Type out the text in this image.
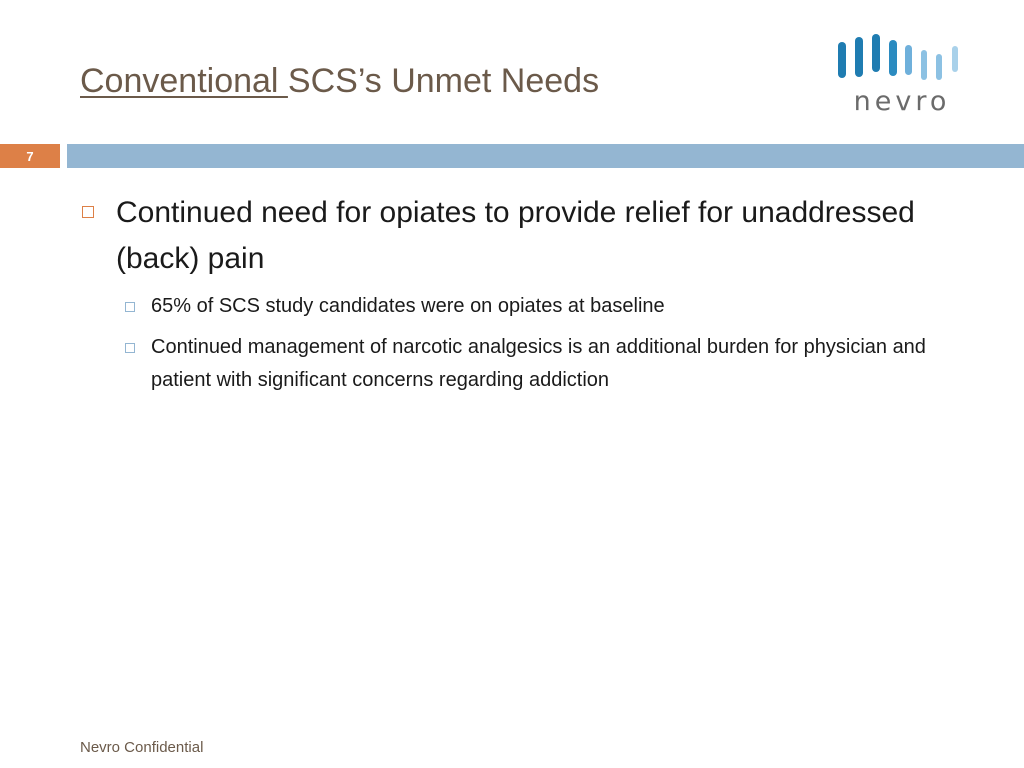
Conventional SCS’s Unmet Needs
nevro
7
Continued need for opiates to provide relief for unaddressed (back) pain
65% of SCS study candidates were on opiates at baseline
Continued management of narcotic analgesics is an additional burden for physician and patient with significant concerns regarding addiction
Nevro Confidential
